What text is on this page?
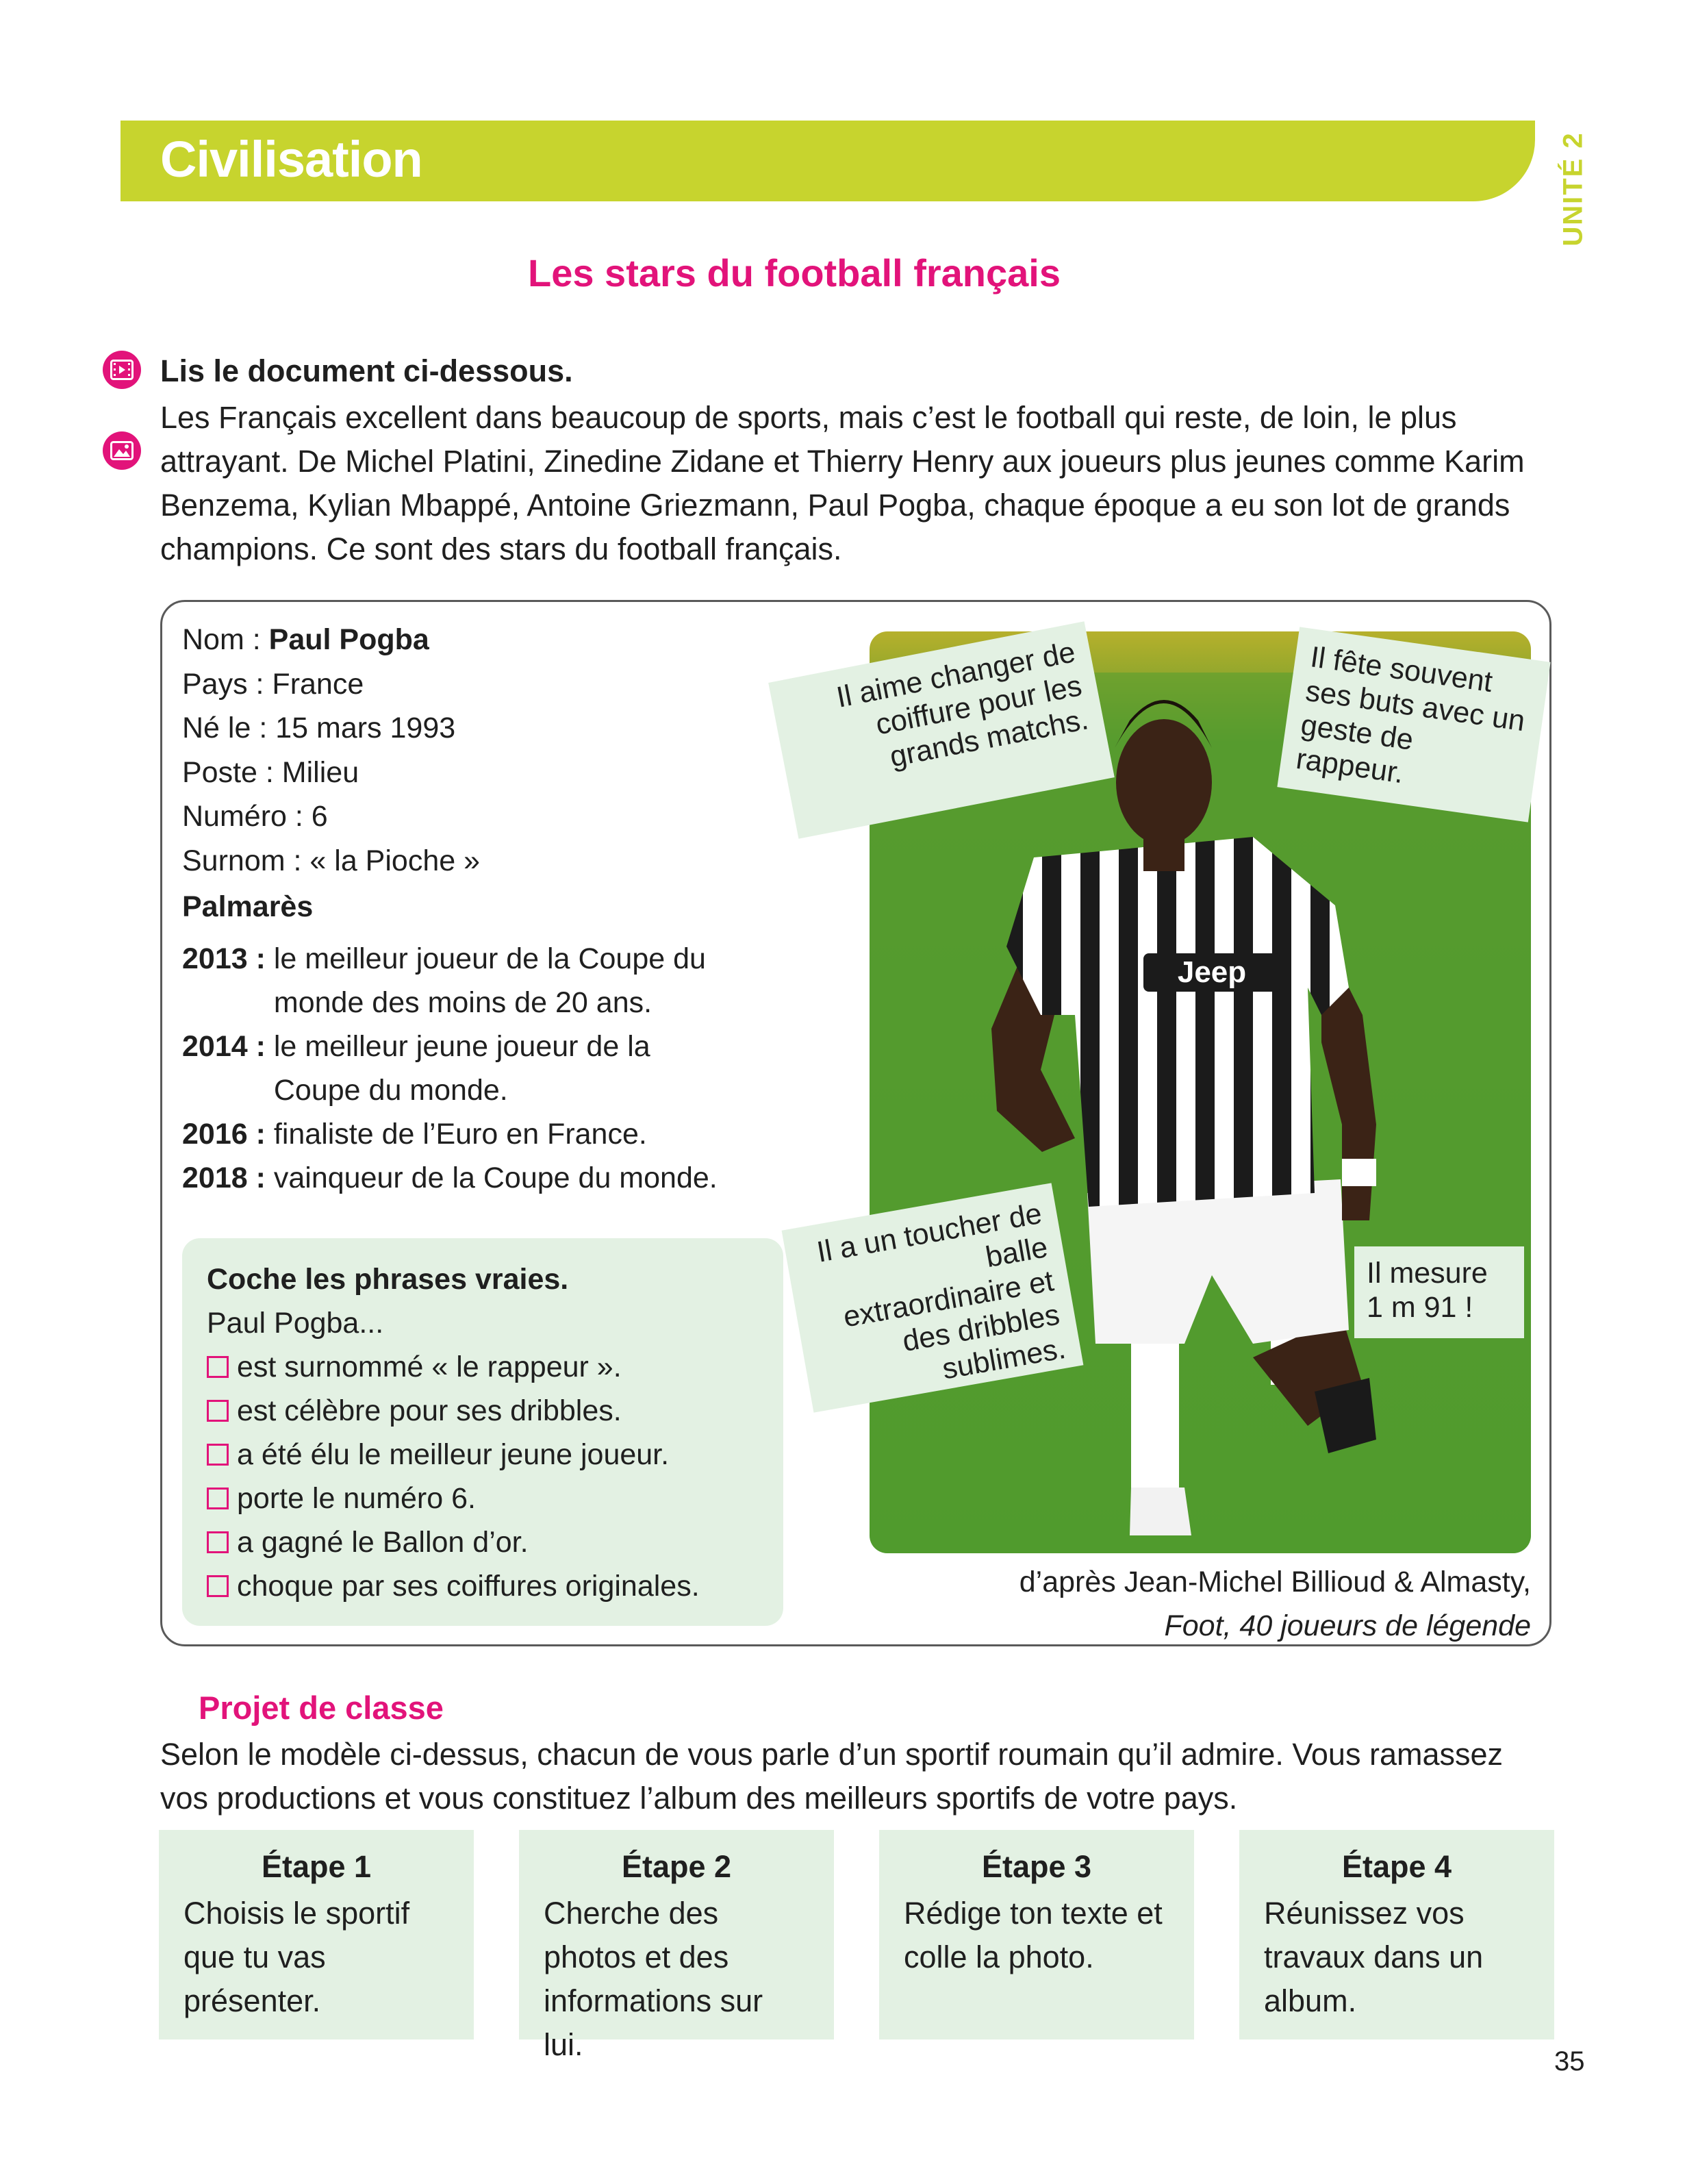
Civilisation	UNITÉ 2
Les stars du football français
Lis le document ci-dessous.
Les Français excellent dans beaucoup de sports, mais c’est le football qui reste, de loin, le plus attrayant. De Michel Platini, Zinedine Zidane et Thierry Henry aux joueurs plus jeunes comme Karim Benzema, Kylian Mbappé, Antoine Griezmann, Paul Pogba, chaque époque a eu son lot de grands champions. Ce sont des stars du football français.
Nom : Paul Pogba
Pays : France
Né le : 15 mars 1993
Poste : Milieu
Numéro : 6
Surnom : « la Pioche »
Palmarès
2013 : le meilleur joueur de la Coupe du monde des moins de 20 ans.
2014 : le meilleur jeune joueur de la Coupe du monde.
2016 : finaliste de l’Euro en France.
2018 : vainqueur de la Coupe du monde.
Coche les phrases vraies.
Paul Pogba...
est surnommé « le rappeur ».
est célèbre pour ses dribbles.
a été élu le meilleur jeune joueur.
porte le numéro 6.
a gagné le Ballon d’or.
choque par ses coiffures originales.
Jeep
Il aime changer de coiffure pour les grands matchs.
Il fête souvent ses buts avec un geste de rappeur.
Il a un toucher de balle extraordinaire et des dribbles sublimes.
Il mesure 1 m 91 !
d’après Jean-Michel Billioud & Almasty,
Foot, 40 joueurs de légende
Projet de classe
Selon le modèle ci-dessus, chacun de vous parle d’un sportif roumain qu’il admire. Vous ramassez vos productions et vous constituez l’album des meilleurs sportifs de votre pays.
Étape 1
Choisis le sportif que tu vas présenter.
Étape 2
Cherche des photos et des informations sur lui.
Étape 3
Rédige ton texte et colle la photo.
Étape 4
Réunissez vos travaux dans un album.
35
